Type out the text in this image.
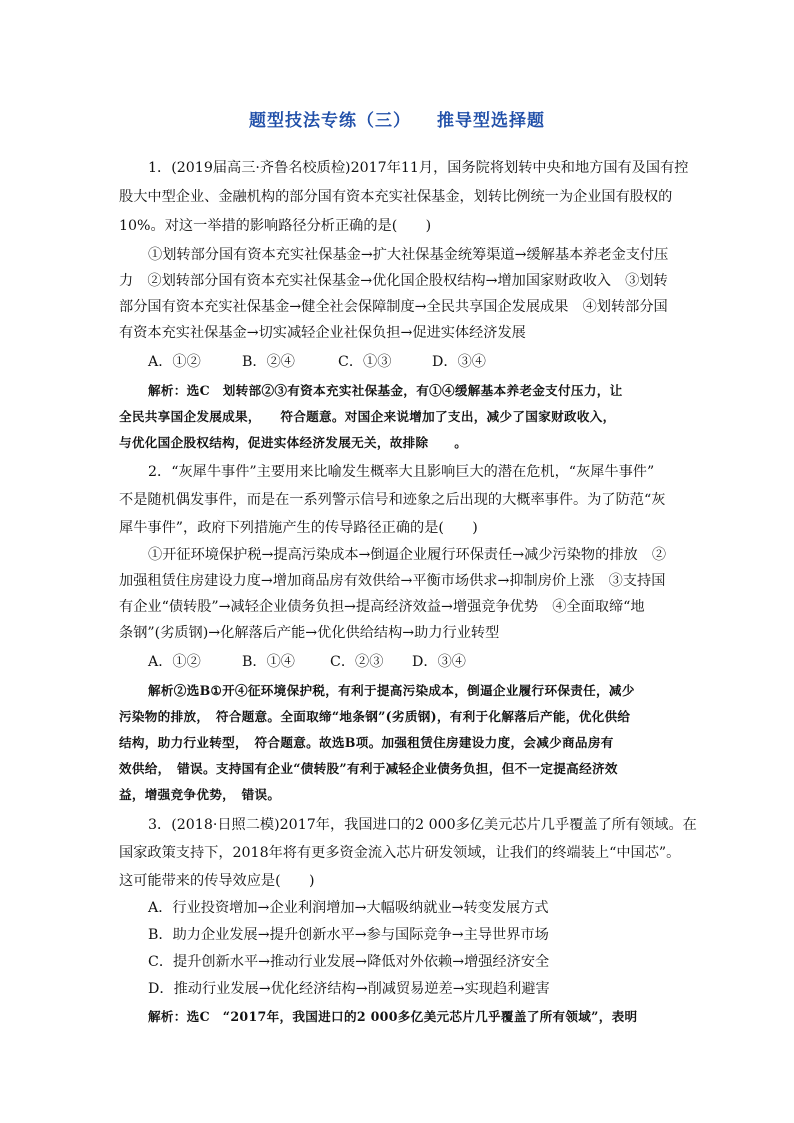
题型技法专练（三） 推导型选择题
1．(2019届高三·齐鲁名校质检)2017年11月，国务院将划转中央和地方国有及国有控
股大中型企业、金融机构的部分国有资本充实社保基金，划转比例统一为企业国有股权的
10%。对这一举措的影响路径分析正确的是(　　)
①划转部分国有资本充实社保基金→扩大社保基金统筹渠道→缓解基本养老金支付压
力　②划转部分国有资本充实社保基金→优化国企股权结构→增加国家财政收入　③划转
部分国有资本充实社保基金→健全社会保障制度→全民共享国企发展成果　④划转部分国
有资本充实社保基金→切实减轻企业社保负担→促进实体经济发展
A．①②	B．②④	C．①③	D．③④
解析：选C　划转部②③有资本充实社保基金，有①④缓解基本养老金支付压力，让
全民共享国企发展成果，　　符合题意。对国企来说增加了支出，减少了国家财政收入，
与优化国企股权结构，促进实体经济发展无关，故排除　　。
2．“灰犀牛事件”主要用来比喻发生概率大且影响巨大的潜在危机，“灰犀牛事件”
不是随机偶发事件，而是在一系列警示信号和迹象之后出现的大概率事件。为了防范“灰
犀牛事件”，政府下列措施产生的传导路径正确的是(　　)
①开征环境保护税→提高污染成本→倒逼企业履行环保责任→减少污染物的排放　②
加强租赁住房建设力度→增加商品房有效供给→平衡市场供求→抑制房价上涨　③支持国
有企业“债转股”→减轻企业债务负担→提高经济效益→增强竞争优势　④全面取缔“地
条钢”(劣质钢)→化解落后产能→优化供给结构→助力行业转型
A．①②	B．①④ C．②③ D．③④
解析②选B①开④征环境保护税，有利于提高污染成本，倒逼企业履行环保责任，减少
污染物的排放，　符合题意。全面取缔“地条钢”(劣质钢)，有利于化解落后产能，优化供给
结构，助力行业转型，　符合题意。故选B项。加强租赁住房建设力度，会减少商品房有
效供给，　错误。支持国有企业“债转股”有利于减轻企业债务负担，但不一定提高经济效
益，增强竞争优势，　错误。
3．(2018·日照二模)2017年，我国进口的2 000多亿美元芯片几乎覆盖了所有领域。在
国家政策支持下，2018年将有更多资金流入芯片研发领域，让我们的终端装上“中国芯”。
这可能带来的传导效应是(　　)
A．行业投资增加→企业利润增加→大幅吸纳就业→转变发展方式
B．助力企业发展→提升创新水平→参与国际竞争→主导世界市场
C．提升创新水平→推动行业发展→降低对外依赖→增强经济安全
D．推动行业发展→优化经济结构→削减贸易逆差→实现趋利避害
解析：选C　“2017年，我国进口的2 000多亿美元芯片几乎覆盖了所有领域”，表明
